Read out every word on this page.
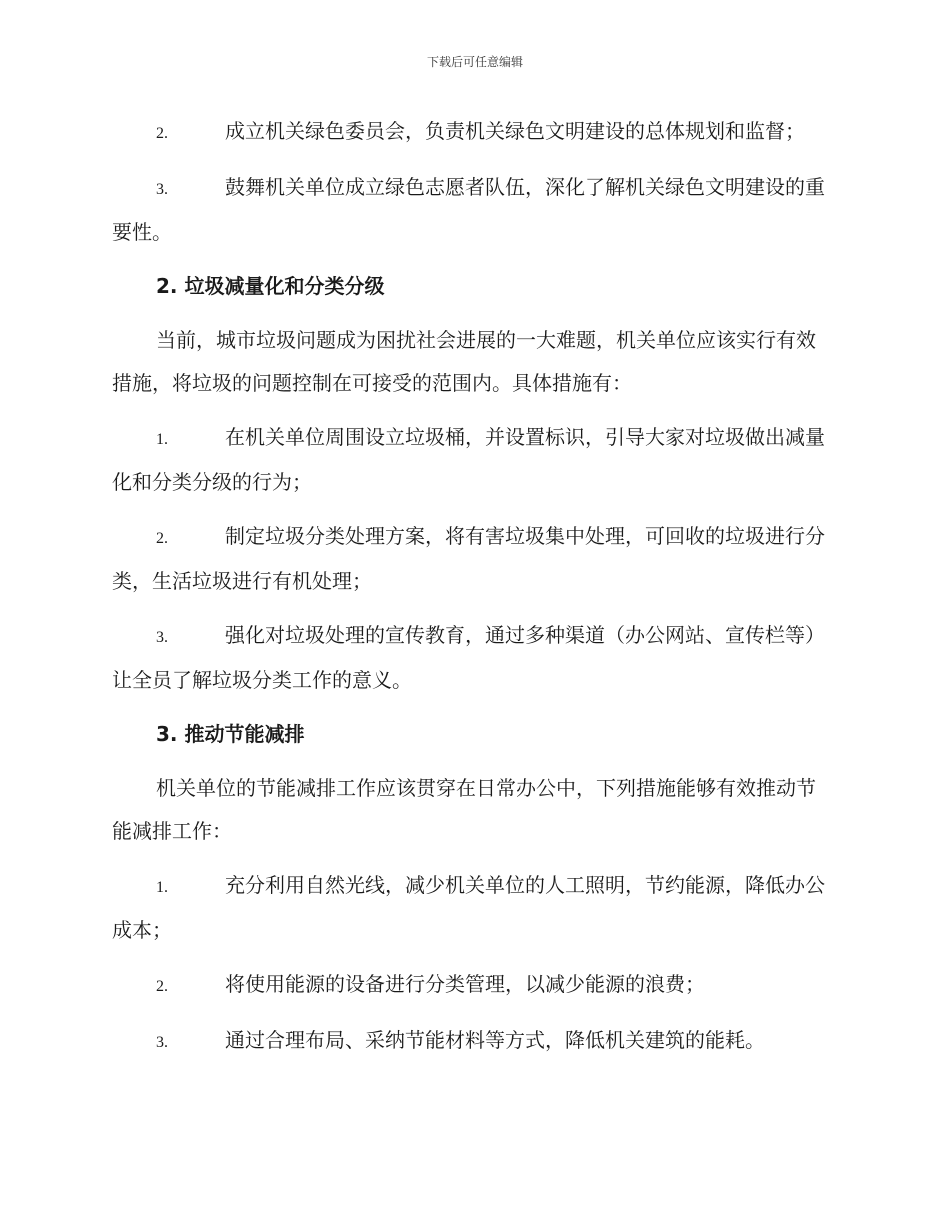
下载后可任意编辑
2.	成立机关绿色委员会，负责机关绿色文明建设的总体规划和监督；
3.	鼓舞机关单位成立绿色志愿者队伍，深化了解机关绿色文明建设的重要性。
2. 垃圾减量化和分类分级
当前，城市垃圾问题成为困扰社会进展的一大难题，机关单位应该实行有效措施，将垃圾的问题控制在可接受的范围内。具体措施有：
1.	在机关单位周围设立垃圾桶，并设置标识，引导大家对垃圾做出减量化和分类分级的行为；
2.	制定垃圾分类处理方案，将有害垃圾集中处理，可回收的垃圾进行分类，生活垃圾进行有机处理；
3.	强化对垃圾处理的宣传教育，通过多种渠道（办公网站、宣传栏等）让全员了解垃圾分类工作的意义。
3. 推动节能减排
机关单位的节能减排工作应该贯穿在日常办公中，下列措施能够有效推动节能减排工作：
1.	充分利用自然光线，减少机关单位的人工照明，节约能源，降低办公成本；
2.	将使用能源的设备进行分类管理，以减少能源的浪费；
3.	通过合理布局、采纳节能材料等方式，降低机关建筑的能耗。
